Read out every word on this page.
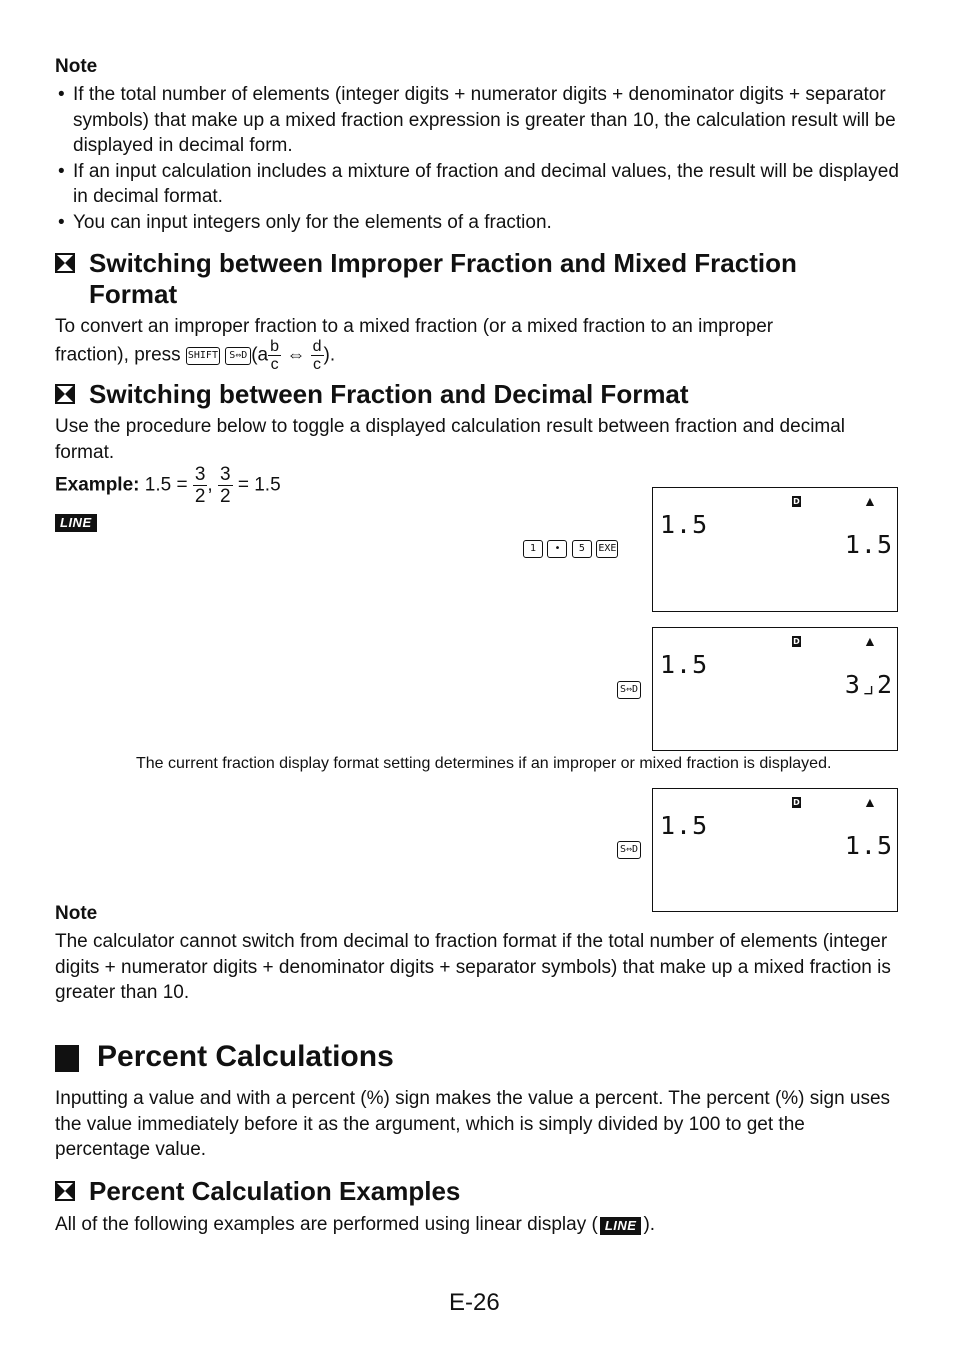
Note
• If the total number of elements (integer digits + numerator digits + denominator digits + separator symbols) that make up a mixed fraction expression is greater than 10, the calculation result will be displayed in decimal form.
• If an input calculation includes a mixture of fraction and decimal values, the result will be displayed in decimal format.
• You can input integers only for the elements of a fraction.
Switching between Improper Fraction and Mixed Fraction
Format
To convert an improper fraction to a mixed fraction (or a mixed fraction to an improper
fraction), press SHIFT S⇔D ($a \frac{b}{c}$ ⇔ $\frac{d}{c}$ ).
Switching between Fraction and Decimal Format
Use the procedure below to toggle a displayed calculation result between fraction and decimal format.
Example: $1.5 = \frac{3}{2}$ , $\frac{3}{2} = 1.5$
LINE
1 • 5 EXE
D	▲
1.5
1.5
S⇔D
D	▲
1.5
3⌟2
The current fraction display format setting determines if an improper or mixed fraction is displayed.
S⇔D
D	▲
1.5
1.5
Note
The calculator cannot switch from decimal to fraction format if the total number of elements (integer digits + numerator digits + denominator digits + separator symbols) that make up a mixed fraction is greater than 10.
Percent Calculations
Inputting a value and with a percent (%) sign makes the value a percent. The percent (%) sign uses the value immediately before it as the argument, which is simply divided by 100 to get the percentage value.
Percent Calculation Examples
All of the following examples are performed using linear display ( LINE ).
E-26
